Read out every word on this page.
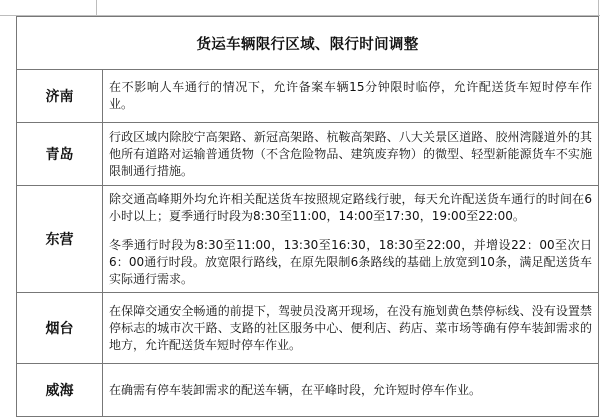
货运车辆限行区域、限行时间调整	
济南	在不影响人车通行的情况下，允许备案车辆15分钟限时临停，允许配送货车短时停车作业。

青岛	行政区域内除胶宁高架路、新冠高架路、杭鞍高架路、八大关景区道路、胶州湾隧道外的其他所有道路对运输普通货物（不含危险物品、建筑废弃物）的微型、轻型新能源货车不实施限制通行措施。

东营	除交通高峰期外均允许相关配送货车按照规定路线行驶，每天允许配送货车通行的时间在6小时以上；夏季通行时段为8:30至11:00，14:00至17:30，19:00至22:00。
冬季通行时段为8:30至11:00，13:30至16:30，18:30至22:00，并增设22：00至次日6：00通行时段。放宽限行路线，在原先限制6条路线的基础上放宽到10条，满足配送货车实际通行需求。

烟台	在保障交通安全畅通的前提下，驾驶员没离开现场，在没有施划黄色禁停标线、没有设置禁停标志的城市次干路、支路的社区服务中心、便利店、药店、菜市场等确有停车装卸需求的地方，允许配送货车短时停车作业。

威海	在确需有停车装卸需求的配送车辆，在平峰时段，允许短时停车作业。
